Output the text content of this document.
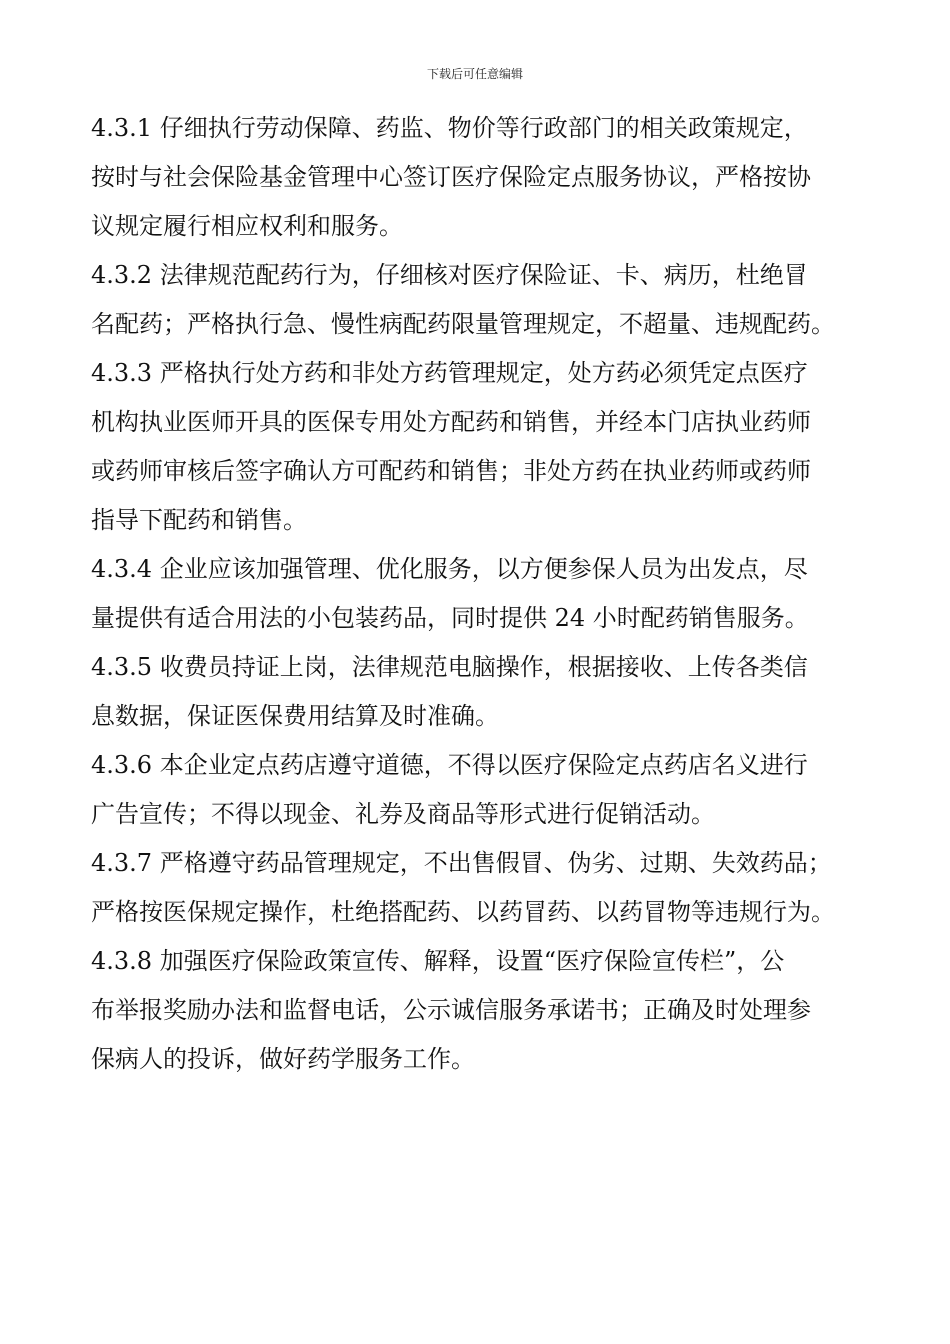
下载后可任意编辑
4.3.1 仔细执行劳动保障、药监、物价等行政部门的相关政策规定，
按时与社会保险基金管理中心签订医疗保险定点服务协议，严格按协
议规定履行相应权利和服务。
4.3.2 法律规范配药行为，仔细核对医疗保险证、卡、病历，杜绝冒
名配药；严格执行急、慢性病配药限量管理规定，不超量、违规配药。
4.3.3 严格执行处方药和非处方药管理规定，处方药必须凭定点医疗
机构执业医师开具的医保专用处方配药和销售，并经本门店执业药师
或药师审核后签字确认方可配药和销售；非处方药在执业药师或药师
指导下配药和销售。
4.3.4 企业应该加强管理、优化服务，以方便参保人员为出发点，尽
量提供有适合用法的小包装药品，同时提供 24 小时配药销售服务。
4.3.5 收费员持证上岗，法律规范电脑操作，根据接收、上传各类信
息数据，保证医保费用结算及时准确。
4.3.6 本企业定点药店遵守道德，不得以医疗保险定点药店名义进行
广告宣传；不得以现金、礼券及商品等形式进行促销活动。
4.3.7 严格遵守药品管理规定，不出售假冒、伪劣、过期、失效药品；
严格按医保规定操作，杜绝搭配药、以药冒药、以药冒物等违规行为。
4.3.8 加强医疗保险政策宣传、解释，设置“医疗保险宣传栏”，公
布举报奖励办法和监督电话，公示诚信服务承诺书；正确及时处理参
保病人的投诉，做好药学服务工作。
